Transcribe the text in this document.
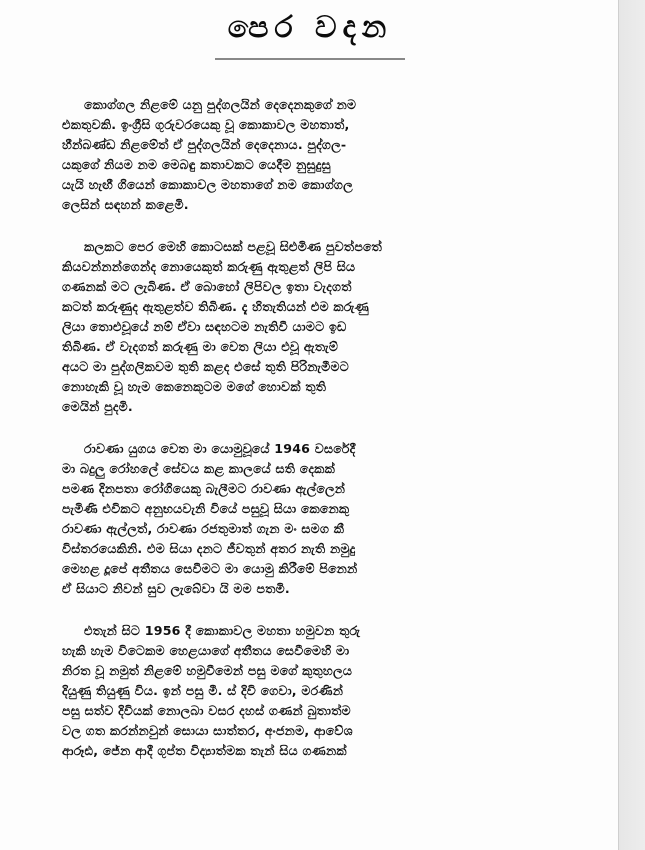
පෙර වදන
කොග්ගල නිළමේ යනු පුද්ගලයින් දෙදෙනකුගේ නම
එකතුවකි. ඉංග්‍රීසි ගුරුවරයෙකු වූ කොකාවල මහතාත්,
හීන්බණ්ඩ නිළමේත් ඒ පුද්ගලයින් දෙදෙනාය. පුද්ගල-
යකුගේ නියම නම මෙබඳු කතාවකට යෙදීම නුසුදුසු
යැයි හැඟී ගියෙන් කොකාවල මහතාගේ නම කොග්ගල
ලෙසින් සඳහන් කළෙමි.
කලකට පෙර මෙහි කොටසක් පළවූ සිළුමිණ පුවත්පතේ
කියවන්නන්ගෙන්ද නොයෙකුත් කරුණු ඇතුළත් ලිපි සිය
ගණනක් මට ලැබිණ. ඒ බොහෝ ලිපිවල ඉතා වැදගත්
කටත් කරුණුද ඇතුළත්ව තිබිණ. දැ හිතැතියන් එම කරුණු
ලියා තොඑවූයේ නම් ඒවා සඳහටම නැතිවී යාමට ඉඩ
තිබිණ. ඒ වැදගත් කරුණු මා වෙත ලියා එවූ ඇතැම්
අයට මා පුද්ගලිකවම තුති කළද එසේ තුති පිරිනැමීමට
නොහැකි වූ හැම කෙනෙකුටම මගේ හොවක් තුති
මෙයින් පුදමි.
රාවණා යුගය වෙත මා යොමුවූයේ 1946 වසරේදී
මා බදුලු රෝහලේ සේවය කළ කාලයේ සති දෙකක්
පමණ දිනපතා රෝගියෙකු බැලීමට රාවණා ඇල්ලෙන්
පැමිණි එවිකට අනුභයවැනි වියේ පසුවූ සියා කෙනෙකු
රාවණා ඇල්ලත්, රාවණා රජතුමාත් ගැන මං සමග කී
විස්තරයෙකිනි. එම සියා දනට ජීවතුන් අතර නැති නමුදු
මෙහළ දූපේ අතීතය සෙවීමට මා යොමු කිරීමේ පිනෙන්
ඒ සියාට නිවන් සුව ලැබේවා යි මම පතමි.
එතැන් සිට 1956 දී කොකාවල මහතා හමුවන තුරු
හැකි හැම විටෙකම හෙළයාගේ අතීතය සෙවීමෙහි මා
නිරත වූ නමුත් නිළමේ හමුවීමෙන් පසු මගේ කුතුහලය
දියුණු තියුණු විය. ඉන් පසු මී. ස් දිවි ගෙවා, මරණින්
පසු සත්ව දිවියක් නොලබා වසර දහස් ගණන් බුතාත්ම
වල ගත කරන්නවුන් සොයා සාත්තර, අංජනම, ආවේශ
ආරූඪ, ජේන ආදී ගුප්ත විද්‍යාත්මක තැන් සිය ගණනක්
